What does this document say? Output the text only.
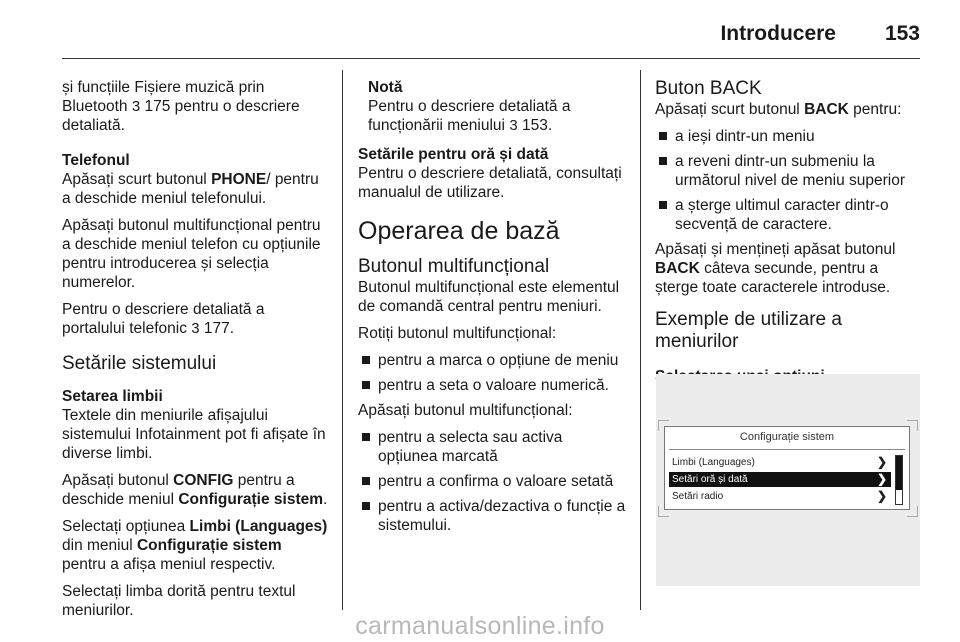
Introducere 153

și funcțiile Fișiere muzică prin Bluetooth 3 175 pentru o descriere detaliată.

Telefonul

Apăsați scurt butonul PHONE/ pentru a deschide meniul telefonului.

Apăsați butonul multifuncțional pentru a deschide meniul telefon cu opțiunile pentru introducerea și selecția numerelor.

Pentru o descriere detaliată a portalului telefonic 3 177.

Setările sistemului
Setarea limbii

Textele din meniurile afișajului sistemului Infotainment pot fi afișate în diverse limbi.

Apăsați butonul CONFIG pentru a deschide meniul Configurație sistem.

Selectați opțiunea Limbi (Languages) din meniul Configurație sistem pentru a afișa meniul respectiv.

Selectați limba dorită pentru textul meniurilor.

Notă
Pentru o descriere detaliată a funcționării meniului 3 153.
Setările pentru oră și dată

Pentru o descriere detaliată, consultați manualul de utilizare.

Operarea de bază
Butonul multifuncțional

Butonul multifuncțional este elementul de comandă central pentru meniuri.

Rotiți butonul multifuncțional:

pentru a marca o opțiune de meniu
pentru a seta o valoare numerică.

Apăsați butonul multifuncțional:

pentru a selecta sau activa opțiunea marcată
pentru a confirma o valoare setată
pentru a activa/dezactiva o funcție a sistemului.
Buton BACK

Apăsați scurt butonul BACK pentru:

a ieși dintr-un meniu
a reveni dintr-un submeniu la următorul nivel de meniu superior
a șterge ultimul caracter dintr-o secvență de caractere.

Apăsați și mențineți apăsat butonul BACK câteva secunde, pentru a șterge toate caracterele introduse.

Exemple de utilizare a meniurilor
Configurație sistem
Limbi (Languages)	❯
Setări oră și dată	❯
Setări radio	❯
carmanualsonline.info
